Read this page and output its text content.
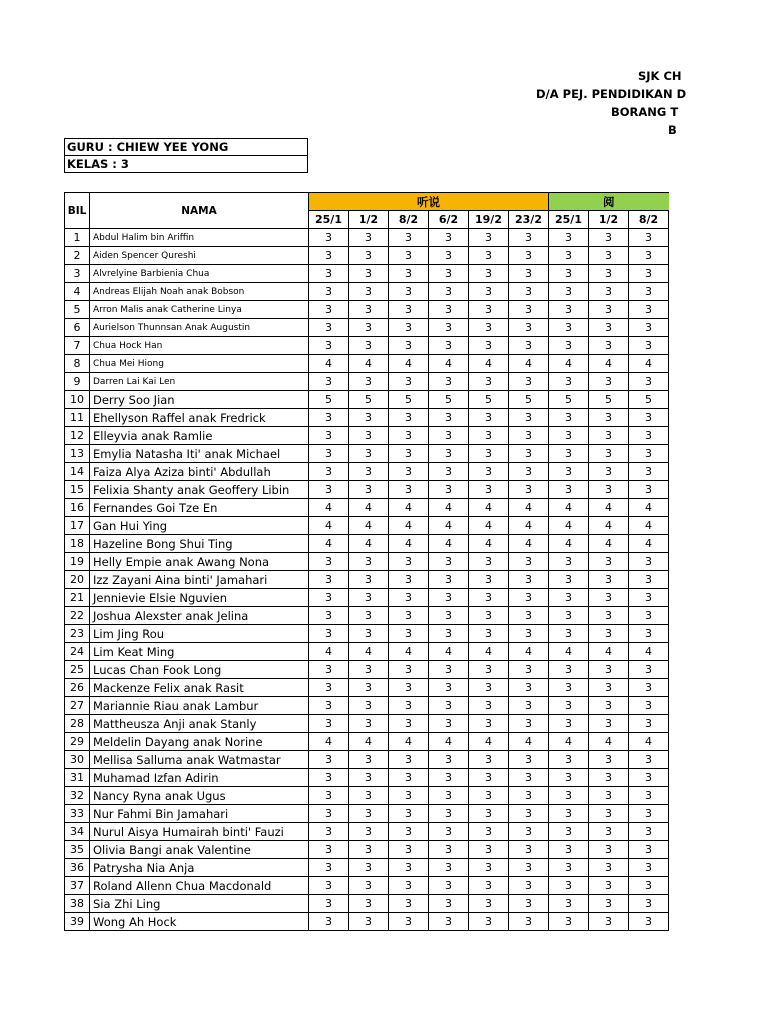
SJK CH
D/A PEJ. PENDIDIKAN D
BORANG T
B
GURU : CHIEW YEE YONG
KELAS : 3
BIL	NAMA	听说						阅		
		25/1	1/2	8/2	6/2	19/2	23/2	25/1	1/2	8/2
1	Abdul Halim bin Ariffin	3	3	3	3	3	3	3	3	3
2	Aiden Spencer Qureshi	3	3	3	3	3	3	3	3	3
3	Alvrelyine Barbienia Chua	3	3	3	3	3	3	3	3	3
4	Andreas Elijah Noah anak Bobson	3	3	3	3	3	3	3	3	3
5	Arron Malis anak Catherine Linya	3	3	3	3	3	3	3	3	3
6	Aurielson Thunnsan Anak Augustin	3	3	3	3	3	3	3	3	3
7	Chua Hock Han	3	3	3	3	3	3	3	3	3
8	Chua Mei Hiong	4	4	4	4	4	4	4	4	4
9	Darren Lai Kai Len	3	3	3	3	3	3	3	3	3
10	Derry Soo Jian	5	5	5	5	5	5	5	5	5
11	Ehellyson Raffel anak Fredrick	3	3	3	3	3	3	3	3	3
12	Elleyvia anak Ramlie	3	3	3	3	3	3	3	3	3
13	Emylia Natasha Iti' anak Michael	3	3	3	3	3	3	3	3	3
14	Faiza Alya Aziza binti' Abdullah	3	3	3	3	3	3	3	3	3
15	Felixia Shanty anak Geoffery Libin	3	3	3	3	3	3	3	3	3
16	Fernandes Goi Tze En	4	4	4	4	4	4	4	4	4
17	Gan Hui Ying	4	4	4	4	4	4	4	4	4
18	Hazeline Bong Shui Ting	4	4	4	4	4	4	4	4	4
19	Helly Empie anak Awang Nona	3	3	3	3	3	3	3	3	3
20	Izz Zayani Aina binti' Jamahari	3	3	3	3	3	3	3	3	3
21	Jennievie Elsie Nguvien	3	3	3	3	3	3	3	3	3
22	Joshua Alexster anak Jelina	3	3	3	3	3	3	3	3	3
23	Lim Jing Rou	3	3	3	3	3	3	3	3	3
24	Lim Keat Ming	4	4	4	4	4	4	4	4	4
25	Lucas Chan Fook Long	3	3	3	3	3	3	3	3	3
26	Mackenze Felix anak Rasit	3	3	3	3	3	3	3	3	3
27	Mariannie Riau anak Lambur	3	3	3	3	3	3	3	3	3
28	Mattheusza Anji anak Stanly	3	3	3	3	3	3	3	3	3
29	Meldelin Dayang anak Norine	4	4	4	4	4	4	4	4	4
30	Mellisa Salluma anak Watmastar	3	3	3	3	3	3	3	3	3
31	Muhamad Izfan Adirin	3	3	3	3	3	3	3	3	3
32	Nancy Ryna anak Ugus	3	3	3	3	3	3	3	3	3
33	Nur Fahmi Bin Jamahari	3	3	3	3	3	3	3	3	3
34	Nurul Aisya Humairah binti' Fauzi	3	3	3	3	3	3	3	3	3
35	Olivia Bangi anak Valentine	3	3	3	3	3	3	3	3	3
36	Patrysha Nia Anja	3	3	3	3	3	3	3	3	3
37	Roland Allenn Chua Macdonald	3	3	3	3	3	3	3	3	3
38	Sia Zhi Ling	3	3	3	3	3	3	3	3	3
39	Wong Ah Hock	3	3	3	3	3	3	3	3	3
